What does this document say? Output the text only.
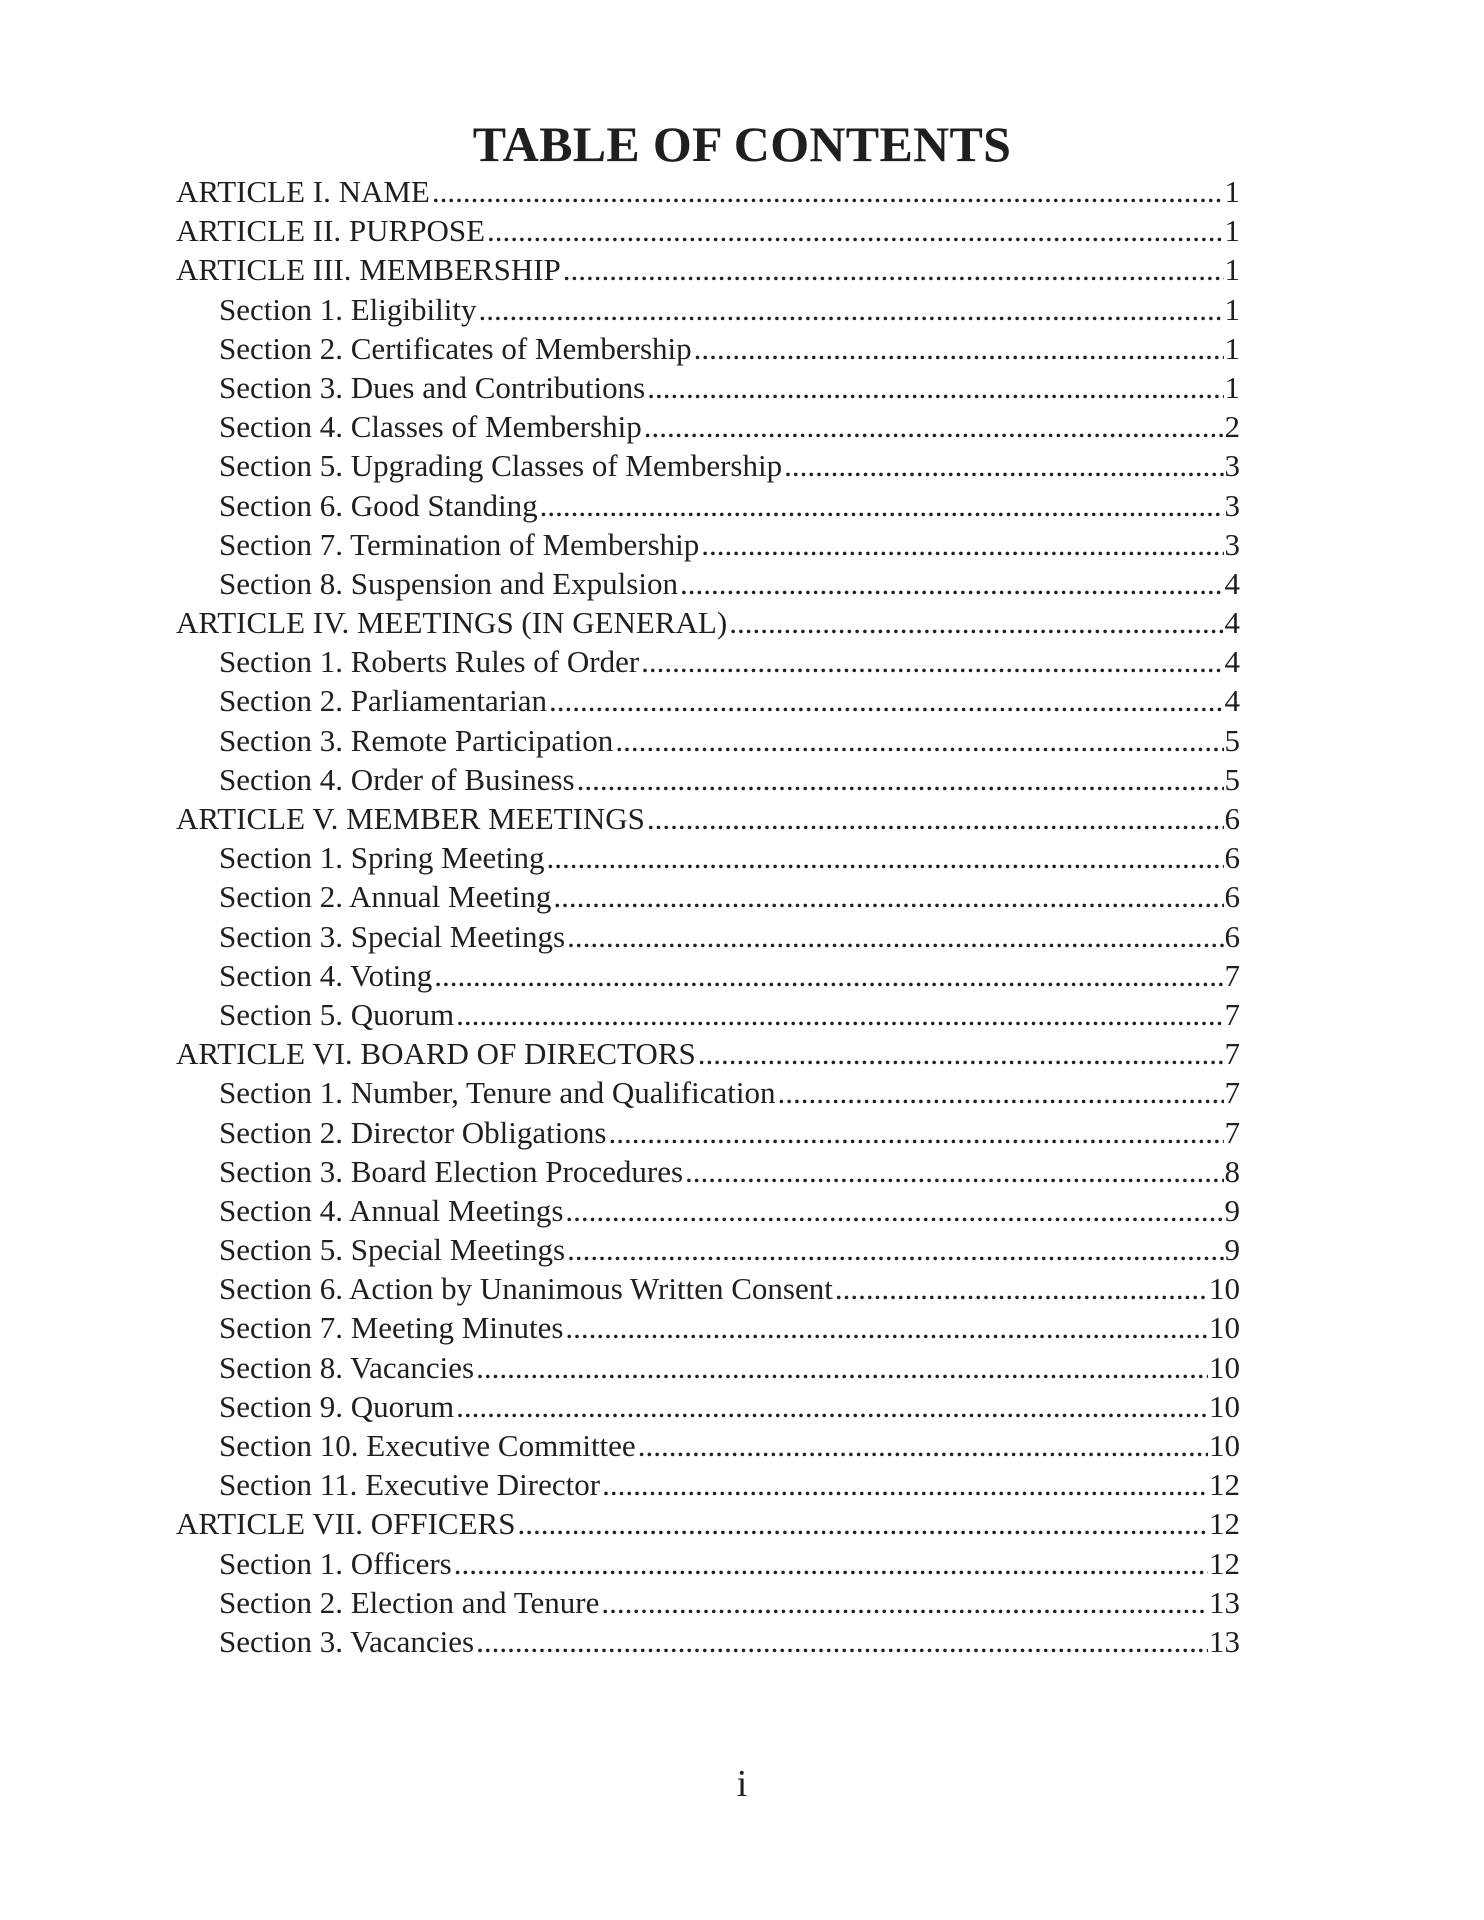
TABLE OF CONTENTS
ARTICLE I. NAME .....	1
ARTICLE II. PURPOSE .....	1
ARTICLE III. MEMBERSHIP .....	1
Section 1. Eligibility .....	1
Section 2. Certificates of Membership .....	1
Section 3. Dues and Contributions .....	1
Section 4. Classes of Membership .....	2
Section 5. Upgrading Classes of Membership .....	3
Section 6. Good Standing .....	3
Section 7. Termination of Membership .....	3
Section 8. Suspension and Expulsion .....	4
ARTICLE IV. MEETINGS (IN GENERAL) .....	4
Section 1. Roberts Rules of Order .....	4
Section 2. Parliamentarian .....	4
Section 3. Remote Participation .....	5
Section 4. Order of Business .....	5
ARTICLE V. MEMBER MEETINGS .....	6
Section 1. Spring Meeting .....	6
Section 2. Annual Meeting .....	6
Section 3. Special Meetings .....	6
Section 4. Voting .....	7
Section 5. Quorum .....	7
ARTICLE VI. BOARD OF DIRECTORS .....	7
Section 1. Number, Tenure and Qualification .....	7
Section 2. Director Obligations .....	7
Section 3. Board Election Procedures .....	8
Section 4. Annual Meetings .....	9
Section 5. Special Meetings .....	9
Section 6. Action by Unanimous Written Consent .....	10
Section 7. Meeting Minutes .....	10
Section 8. Vacancies .....	10
Section 9. Quorum .....	10
Section 10. Executive Committee .....	10
Section 11. Executive Director .....	12
ARTICLE VII. OFFICERS .....	12
Section 1. Officers .....	12
Section 2. Election and Tenure .....	13
Section 3. Vacancies .....	13
i
